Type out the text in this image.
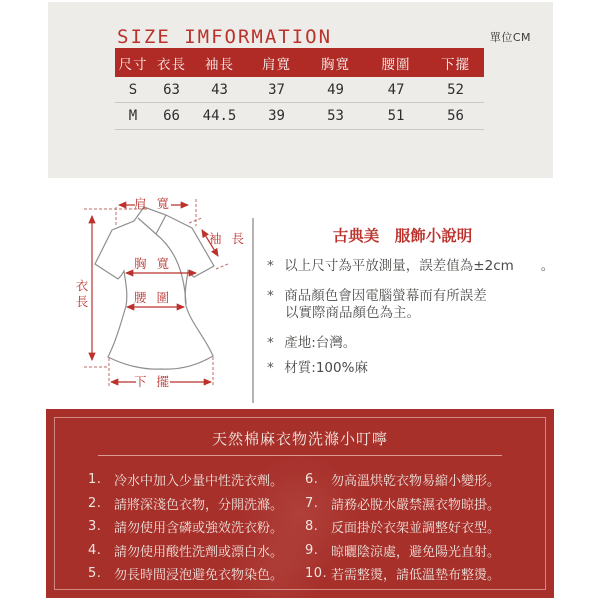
SIZE IMFORMATION	單位CM
尺寸	衣長	袖長	肩寬	胸寬	腰圍	下擺
S	63	43	37	49	47	52
M	66	44.5	39	53	51	56
肩 寬
袖 長
胸 寬
衣
長	腰 圍
下 擺
古典美　服飾小說明
* 以上尺寸為平放測量，誤差值為±2cm　　。
* 商品顏色會因電腦螢幕而有所誤差
以實際商品顏色為主。
* 產地:台灣。
* 材質:100%麻
天然棉麻衣物洗滌小叮嚀
1. 冷水中加入少量中性洗衣劑。
2. 請將深淺色衣物，分開洗滌。
3. 請勿使用含磷或強效洗衣粉。
4. 請勿使用酸性洗劑或漂白水。
5. 勿長時間浸泡避免衣物染色。
6. 勿高溫烘乾衣物易縮小變形。
7. 請務必脫水嚴禁濕衣物晾掛。
8. 反面掛於衣架並調整好衣型。
9. 晾曬陰涼處，避免陽光直射。
10. 若需整燙，請低溫墊布整燙。
